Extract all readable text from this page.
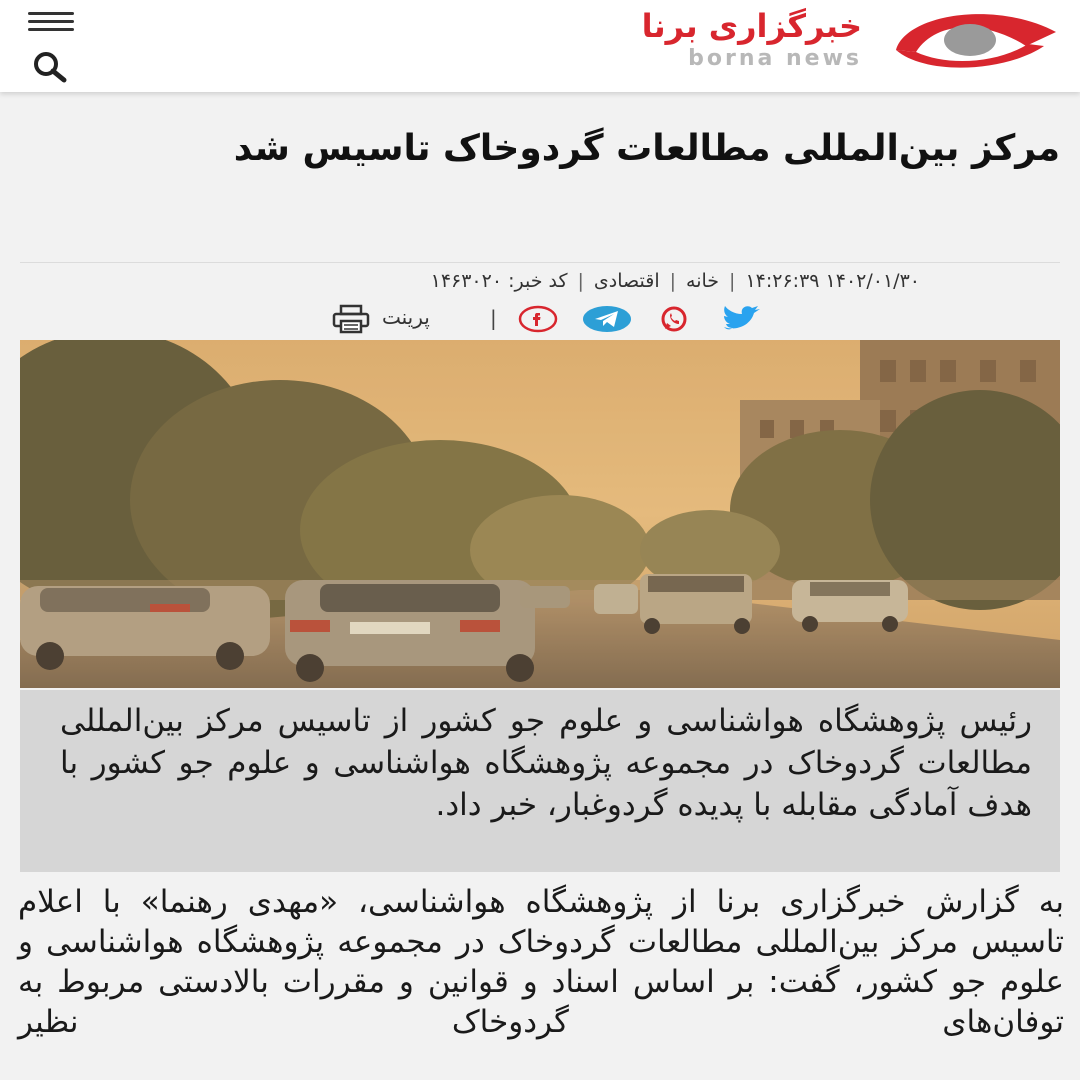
خبرگزاری برنا
borna news
مرکز بین‌المللی مطالعات گردوخاک تاسیس شد
۱۴۰۲/۰۱/۳۰ ۱۴:۲۶:۳۹|خانه|اقتصادی|کد خبر: ۱۴۶۳۰۲۰
|
پرینت
رئیس پژوهشگاه هواشناسی و علوم جو کشور از تاسیس مرکز بین‌المللی مطالعات گردوخاک در مجموعه پژوهشگاه هواشناسی و علوم جو کشور با هدف آمادگی مقابله با پدیده گردوغبار، خبر داد.
به گزارش خبرگزاری برنا از پژوهشگاه هواشناسی، «مهدی رهنما» با اعلام تاسیس مرکز بین‌المللی مطالعات گردوخاک در مجموعه پژوهشگاه هواشناسی و علوم جو کشور، گفت: بر اساس اسناد و قوانین و مقررات بالادستی مربوط به توفان‌های گردوخاک نظیر
